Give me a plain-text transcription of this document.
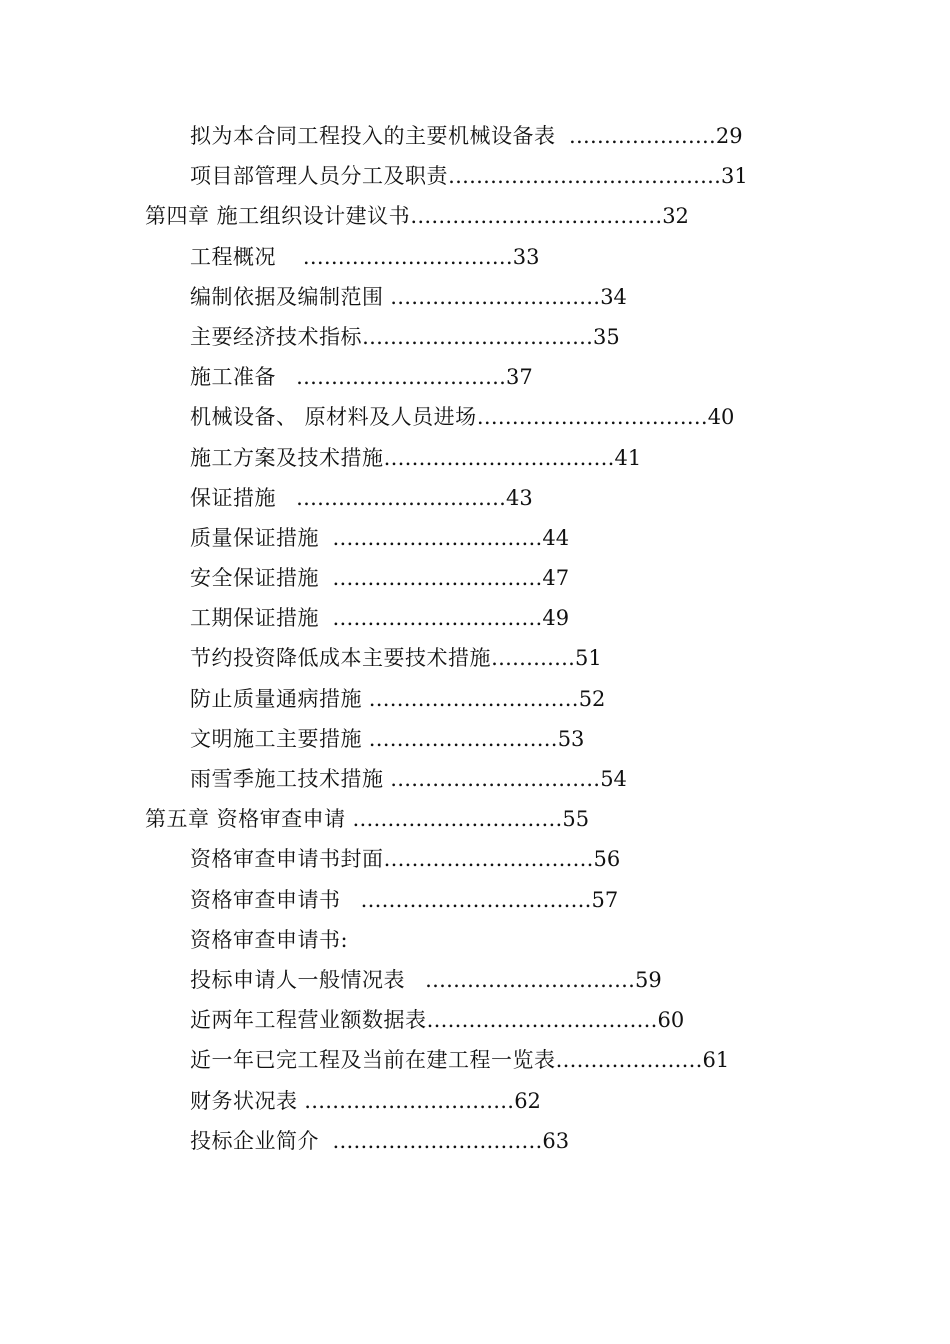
拟为本合同工程投入的主要机械设备表  …………………29
项目部管理人员分工及职责…………………………………31
第四章 施工组织设计建议书………………………………32
工程概况    …………………………33
编制依据及编制范围 …………………………34
主要经济技术指标……………………………35
施工准备   …………………………37
机械设备、 原材料及人员进场……………………………40
施工方案及技术措施……………………………41
保证措施   …………………………43
质量保证措施  …………………………44
安全保证措施  …………………………47
工期保证措施  …………………………49
节约投资降低成本主要技术措施…………51
防止质量通病措施 …………………………52
文明施工主要措施 ………………………53
雨雪季施工技术措施 …………………………54
第五章 资格审查申请 …………………………55
资格审查申请书封面…………………………56
资格审查申请书   ……………………………57
资格审查申请书:
投标申请人一般情况表   …………………………59
近两年工程营业额数据表……………………………60
近一年已完工程及当前在建工程一览表…………………61
财务状况表 …………………………62
投标企业简介  …………………………63
